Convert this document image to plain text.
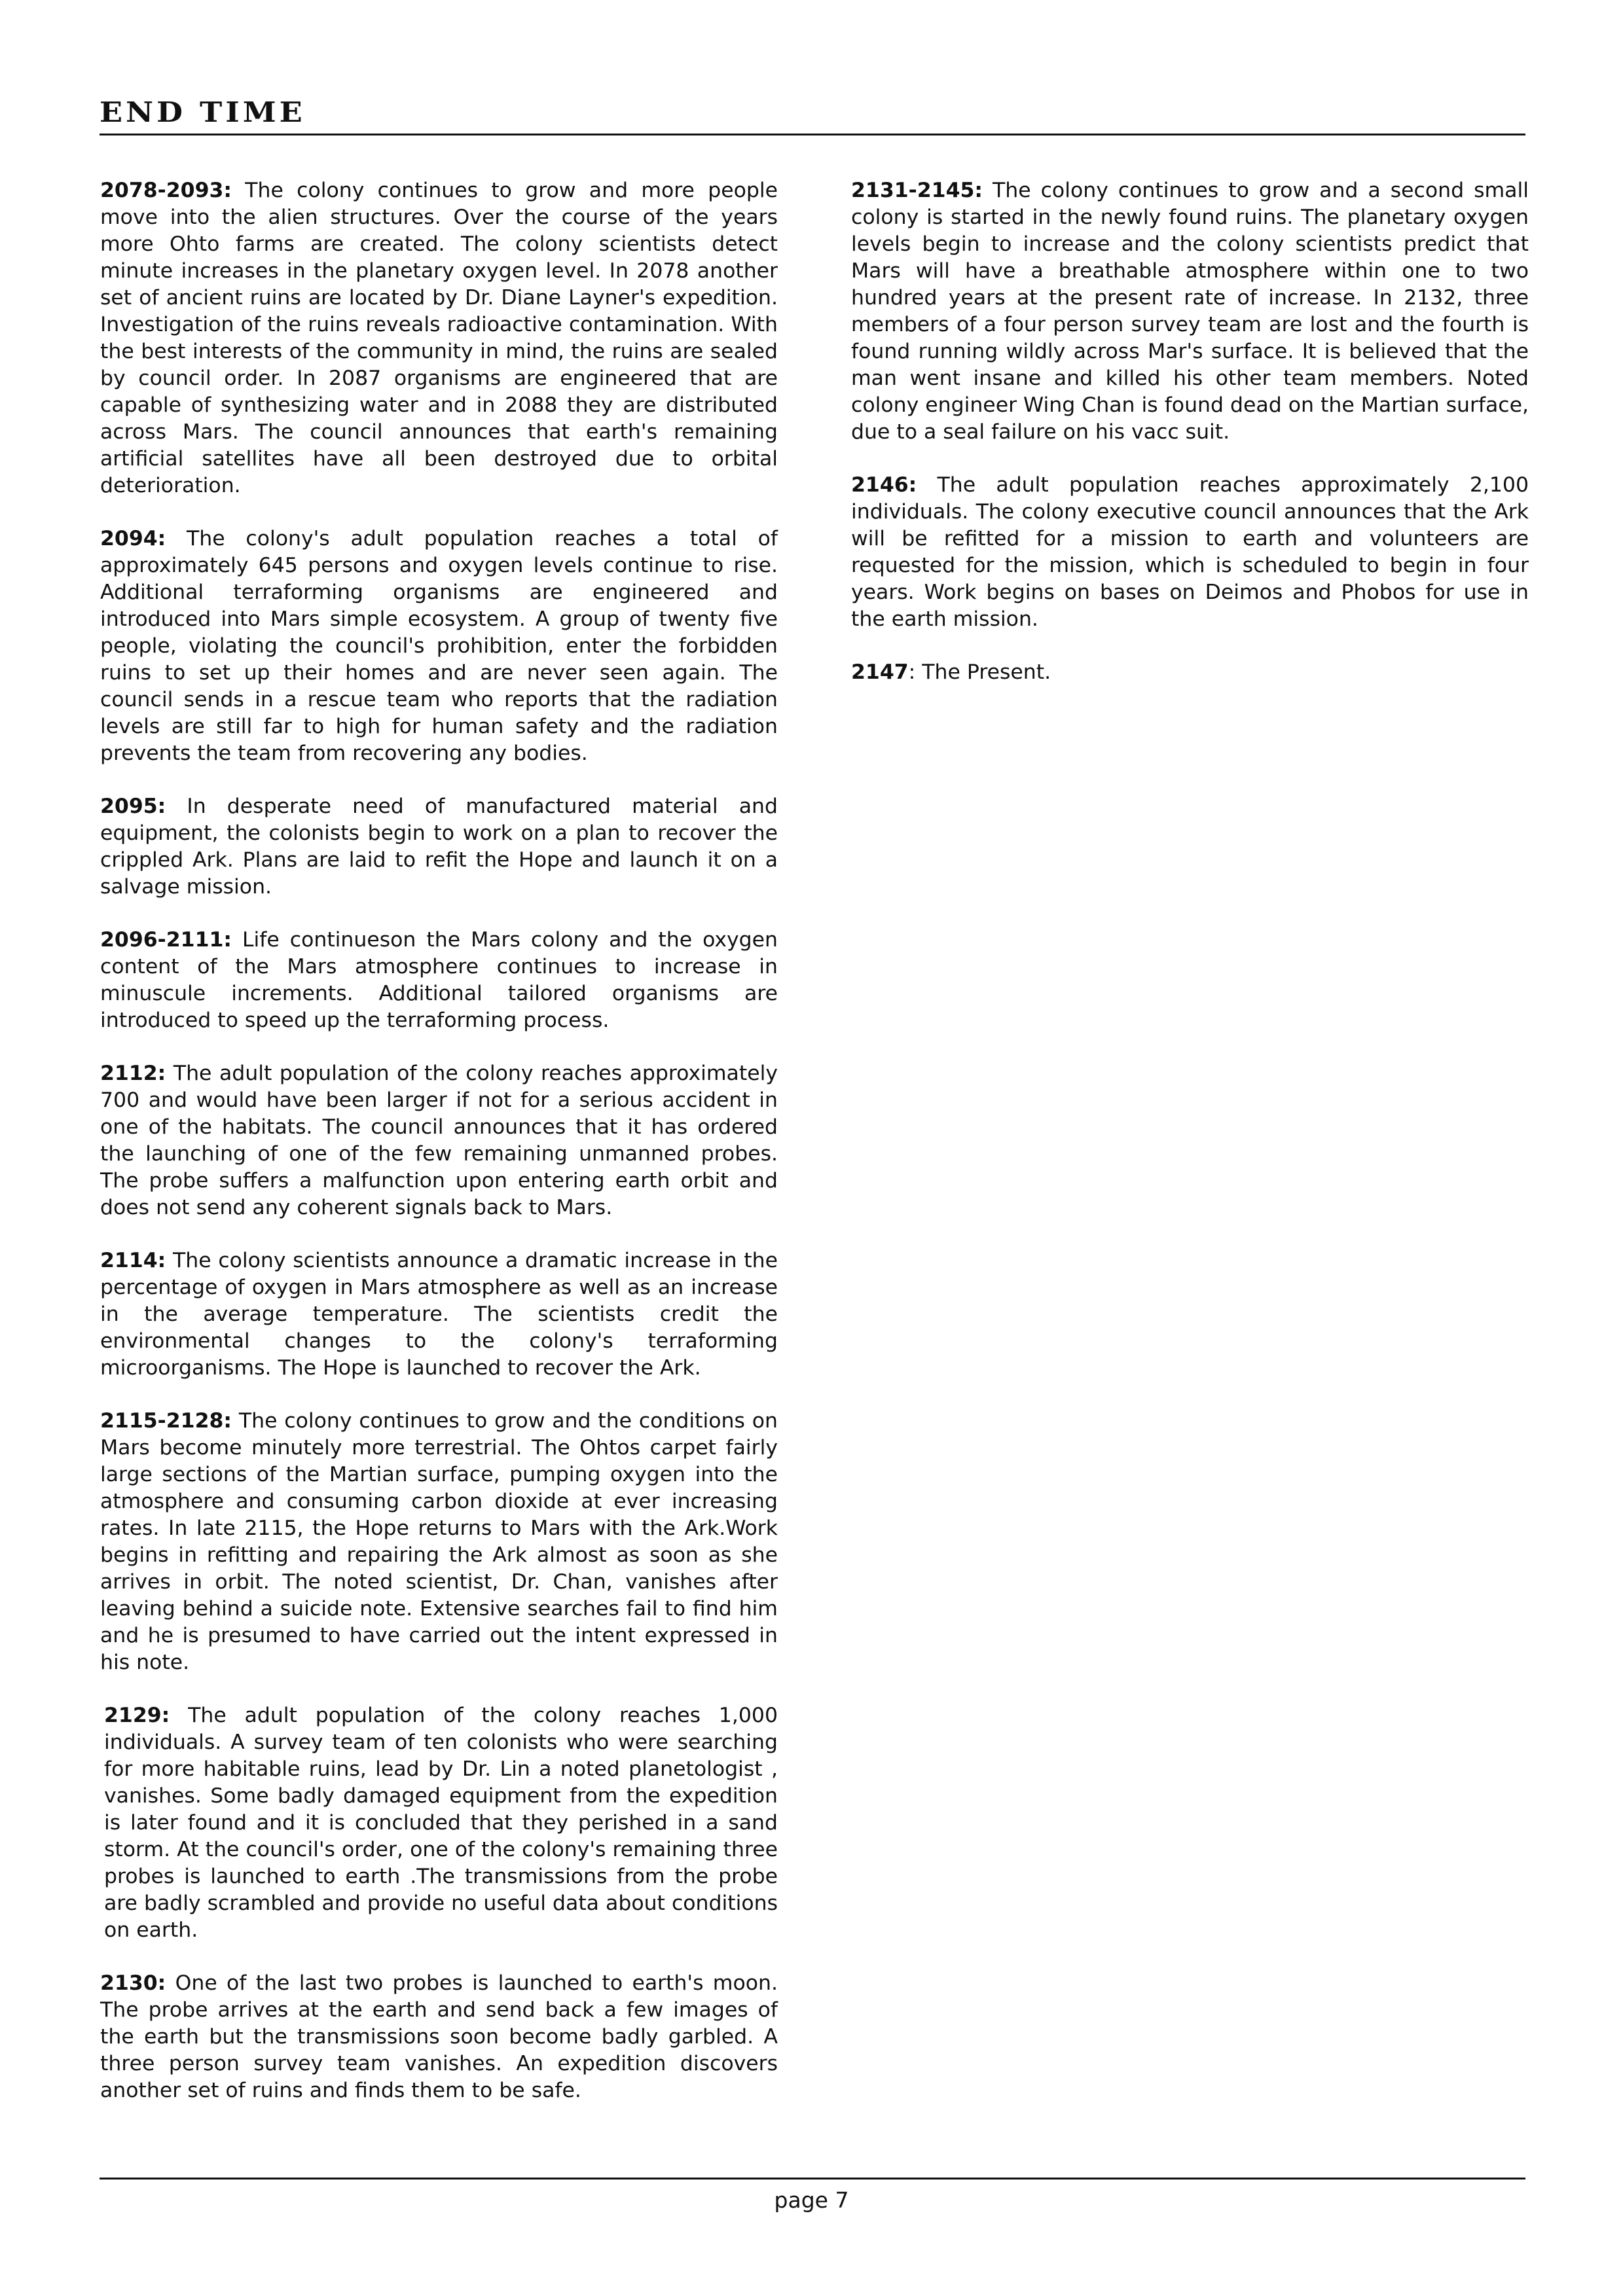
END TIME

2078-2093: The colony continues to grow and more people move into the alien structures. Over the course of the years more Ohto farms are created. The colony scientists detect minute increases in the planetary oxygen level. In 2078 another set of ancient ruins are located by Dr. Diane Layner's expedition. Investigation of the ruins reveals radioactive contamination. With the best interests of the community in mind, the ruins are sealed by council order. In 2087 organisms are engineered that are capable of synthesizing water and in 2088 they are distributed across Mars. The council announces that earth's remaining artificial satellites have all been destroyed due to orbital deterioration.

2094: The colony's adult population reaches a total of approximately 645 persons and oxygen levels continue to rise. Additional terraforming organisms are engineered and introduced into Mars simple ecosystem. A group of twenty five people, violating the council's prohibition, enter the forbidden ruins to set up their homes and are never seen again. The council sends in a rescue team who reports that the radiation levels are still far to high for human safety and the radiation prevents the team from recovering any bodies.

2095: In desperate need of manufactured material and equipment, the colonists begin to work on a plan to recover the crippled Ark. Plans are laid to refit the Hope and launch it on a salvage mission.

2096-2111: Life continueson the Mars colony and the oxygen content of the Mars atmosphere continues to increase in minuscule increments. Additional tailored organisms are introduced to speed up the terraforming process.

2112: The adult population of the colony reaches approximately 700 and would have been larger if not for a serious accident in one of the habitats. The council announces that it has ordered the launching of one of the few remaining unmanned probes. The probe suffers a malfunction upon entering earth orbit and does not send any coherent signals back to Mars.

2114: The colony scientists announce a dramatic increase in the percentage of oxygen in Mars atmosphere as well as an increase in the average temperature. The scientists credit the environmental changes to the colony's terraforming microorganisms. The Hope is launched to recover the Ark.

2115-2128: The colony continues to grow and the conditions on Mars become minutely more terrestrial. The Ohtos carpet fairly large sections of the Martian surface, pumping oxygen into the atmosphere and consuming carbon dioxide at ever increasing rates. In late 2115, the Hope returns to Mars with the Ark.Work begins in refitting and repairing the Ark almost as soon as she arrives in orbit. The noted scientist, Dr. Chan, vanishes after leaving behind a suicide note. Extensive searches fail to find him and he is presumed to have carried out the intent expressed in his note.

2129: The adult population of the colony reaches 1,000 individuals. A survey team of ten colonists who were searching for more habitable ruins, lead by Dr. Lin a noted planetologist , vanishes. Some badly damaged equipment from the expedition is later found and it is concluded that they perished in a sand storm. At the council's order, one of the colony's remaining three probes is launched to earth .The transmissions from the probe are badly scrambled and provide no useful data about conditions on earth.

2130: One of the last two probes is launched to earth's moon. The probe arrives at the earth and send back a few images of the earth but the transmissions soon become badly garbled. A three person survey team vanishes. An expedition discovers another set of ruins and finds them to be safe.

2131-2145: The colony continues to grow and a second small colony is started in the newly found ruins. The planetary oxygen levels begin to increase and the colony scientists predict that Mars will have a breathable atmosphere within one to two hundred years at the present rate of increase. In 2132, three members of a four person survey team are lost and the fourth is found running wildly across Mar's surface. It is believed that the man went insane and killed his other team members. Noted colony engineer Wing Chan is found dead on the Martian surface, due to a seal failure on his vacc suit.

2146: The adult population reaches approximately 2,100 individuals. The colony executive council announces that the Ark will be refitted for a mission to earth and volunteers are requested for the mission, which is scheduled to begin in four years. Work begins on bases on Deimos and Phobos for use in the earth mission.

2147: The Present.

page 7
